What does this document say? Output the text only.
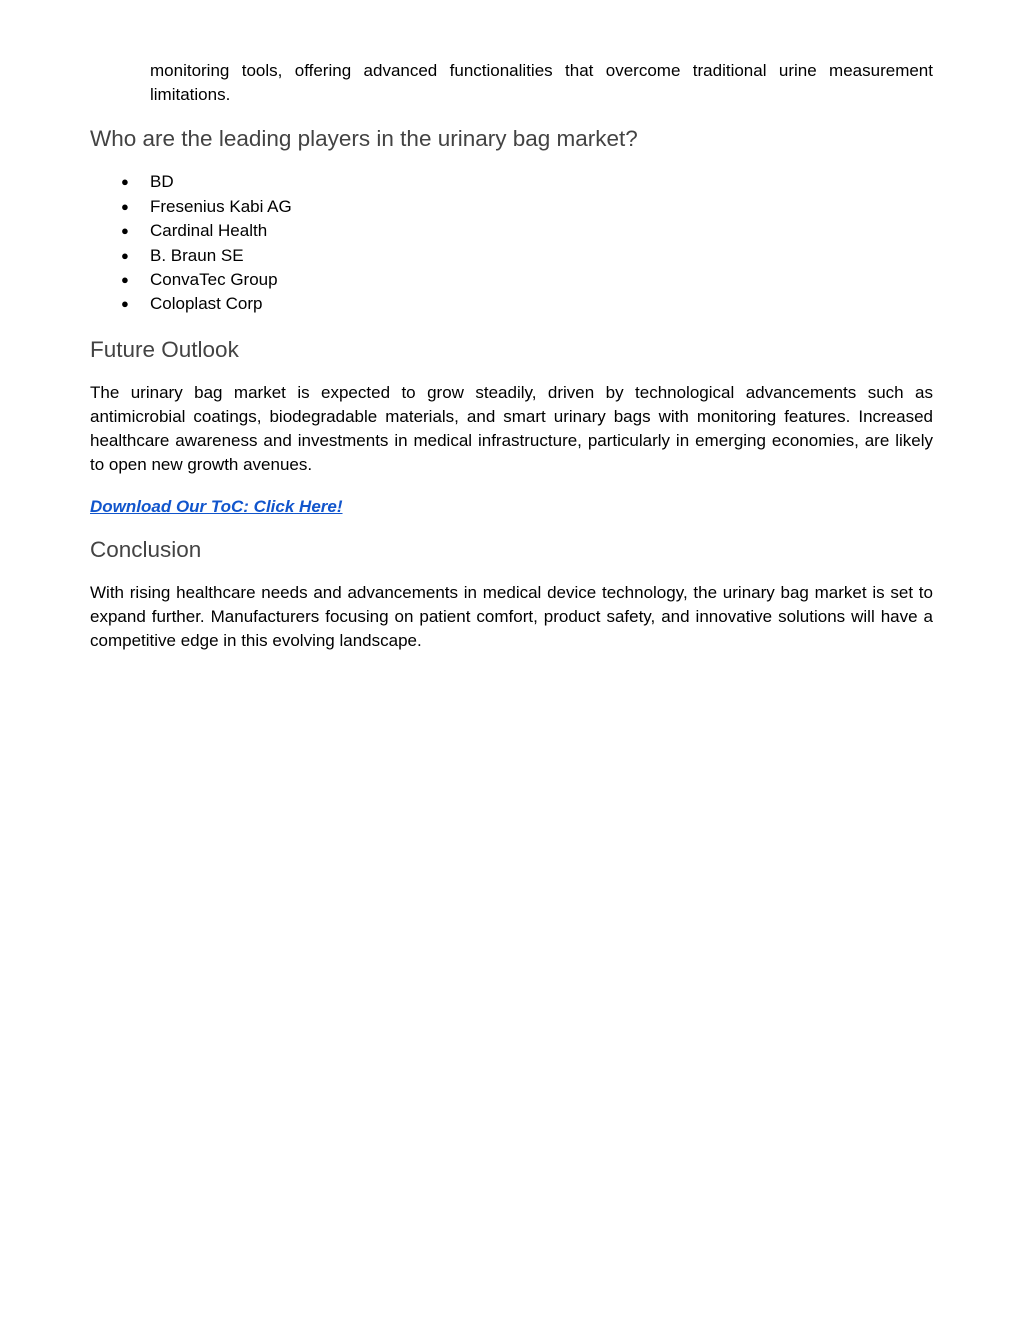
monitoring tools, offering advanced functionalities that overcome traditional urine measurement limitations.

Who are the leading players in the urinary bag market?
● BD
● Fresenius Kabi AG
● Cardinal Health
● B. Braun SE
● ConvaTec Group
● Coloplast Corp
Future Outlook

The urinary bag market is expected to grow steadily, driven by technological advancements such as antimicrobial coatings, biodegradable materials, and smart urinary bags with monitoring features. Increased healthcare awareness and investments in medical infrastructure, particularly in emerging economies, are likely to open new growth avenues.

Download Our ToC: Click Here!

Conclusion

With rising healthcare needs and advancements in medical device technology, the urinary bag market is set to expand further. Manufacturers focusing on patient comfort, product safety, and innovative solutions will have a competitive edge in this evolving landscape.
